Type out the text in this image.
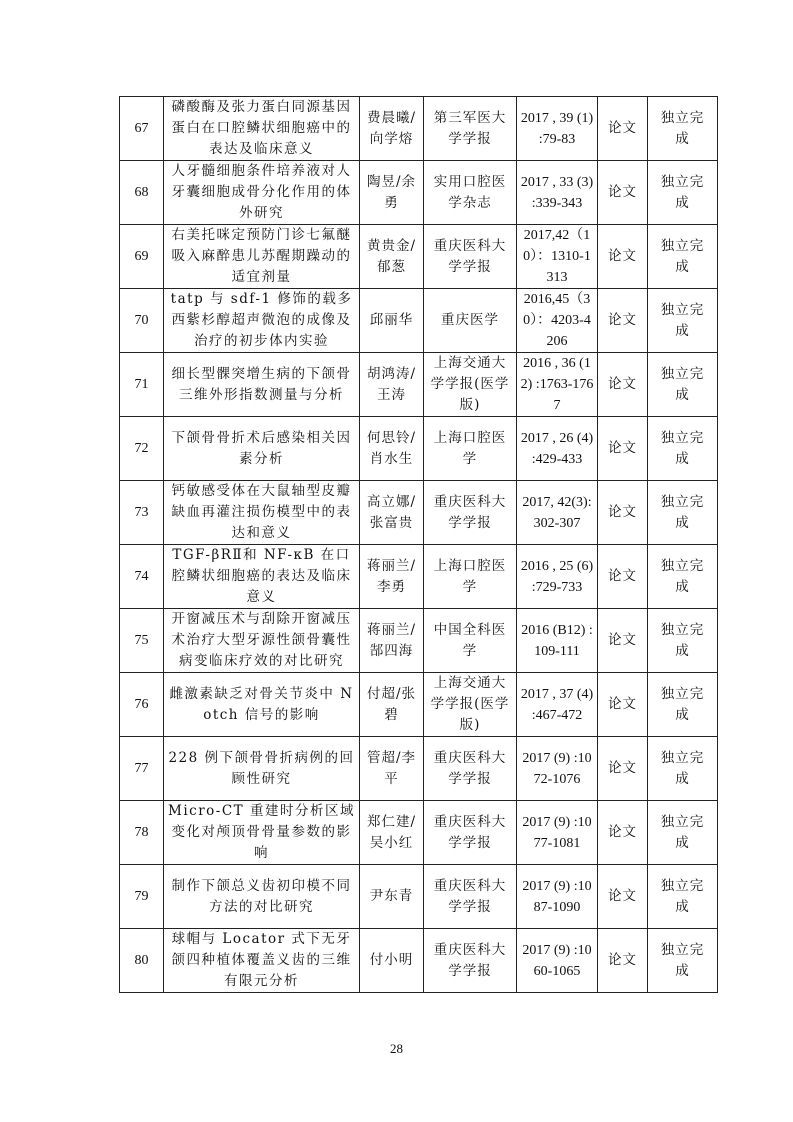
67	磷酸酶及张力蛋白同源基因蛋白在口腔鳞状细胞癌中的表达及临床意义	费晨曦/向学熔	第三军医大学学报	2017 , 39 (1) :79-83	论文	独立完成
68	人牙髓细胞条件培养液对人牙囊细胞成骨分化作用的体外研究	陶昱/余勇	实用口腔医学杂志	2017 , 33 (3) :339-343	论文	独立完成
69	右美托咪定预防门诊七氟醚吸入麻醉患儿苏醒期躁动的适宜剂量	黄贵金/郁葱	重庆医科大学学报	2017,42（10）：1310-1313	论文	独立完成
70	tatp 与 sdf-1 修饰的载多西紫杉醇超声微泡的成像及治疗的初步体内实验	邱丽华	重庆医学	2016,45（30）：4203-4206	论文	独立完成
71	细长型髁突增生病的下颌骨三维外形指数测量与分析	胡鸿涛/王涛	上海交通大学学报(医学版)	2016 , 36 (12) :1763-1767	论文	独立完成
72	下颌骨骨折术后感染相关因素分析	何思铃/肖水生	上海口腔医学	2017 , 26 (4) :429-433	论文	独立完成
73	钙敏感受体在大鼠轴型皮瓣缺血再灌注损伤模型中的表达和意义	高立娜/张富贵	重庆医科大学学报	2017, 42(3):302-307	论文	独立完成
74	TGF-βRⅡ和 NF-κB 在口腔鳞状细胞癌的表达及临床意义	蒋丽兰/李勇	上海口腔医学	2016 , 25 (6) :729-733	论文	独立完成
75	开窗减压术与刮除开窗减压术治疗大型牙源性颌骨囊性病变临床疗效的对比研究	蒋丽兰/郜四海	中国全科医学	2016 (B12) :109-111	论文	独立完成
76	雌激素缺乏对骨关节炎中 Notch 信号的影响	付超/张碧	上海交通大学学报(医学版)	2017 , 37 (4) :467-472	论文	独立完成
77	228 例下颌骨骨折病例的回顾性研究	管超/李平	重庆医科大学学报	2017 (9) :1072-1076	论文	独立完成
78	Micro-CT 重建时分析区域变化对颅顶骨骨量参数的影响	郑仁建/吴小红	重庆医科大学学报	2017 (9) :1077-1081	论文	独立完成
79	制作下颌总义齿初印模不同方法的对比研究	尹东青	重庆医科大学学报	2017 (9) :1087-1090	论文	独立完成
80	球帽与 Locator 式下无牙颌四种植体覆盖义齿的三维有限元分析	付小明	重庆医科大学学报	2017 (9) :1060-1065	论文	独立完成
28
